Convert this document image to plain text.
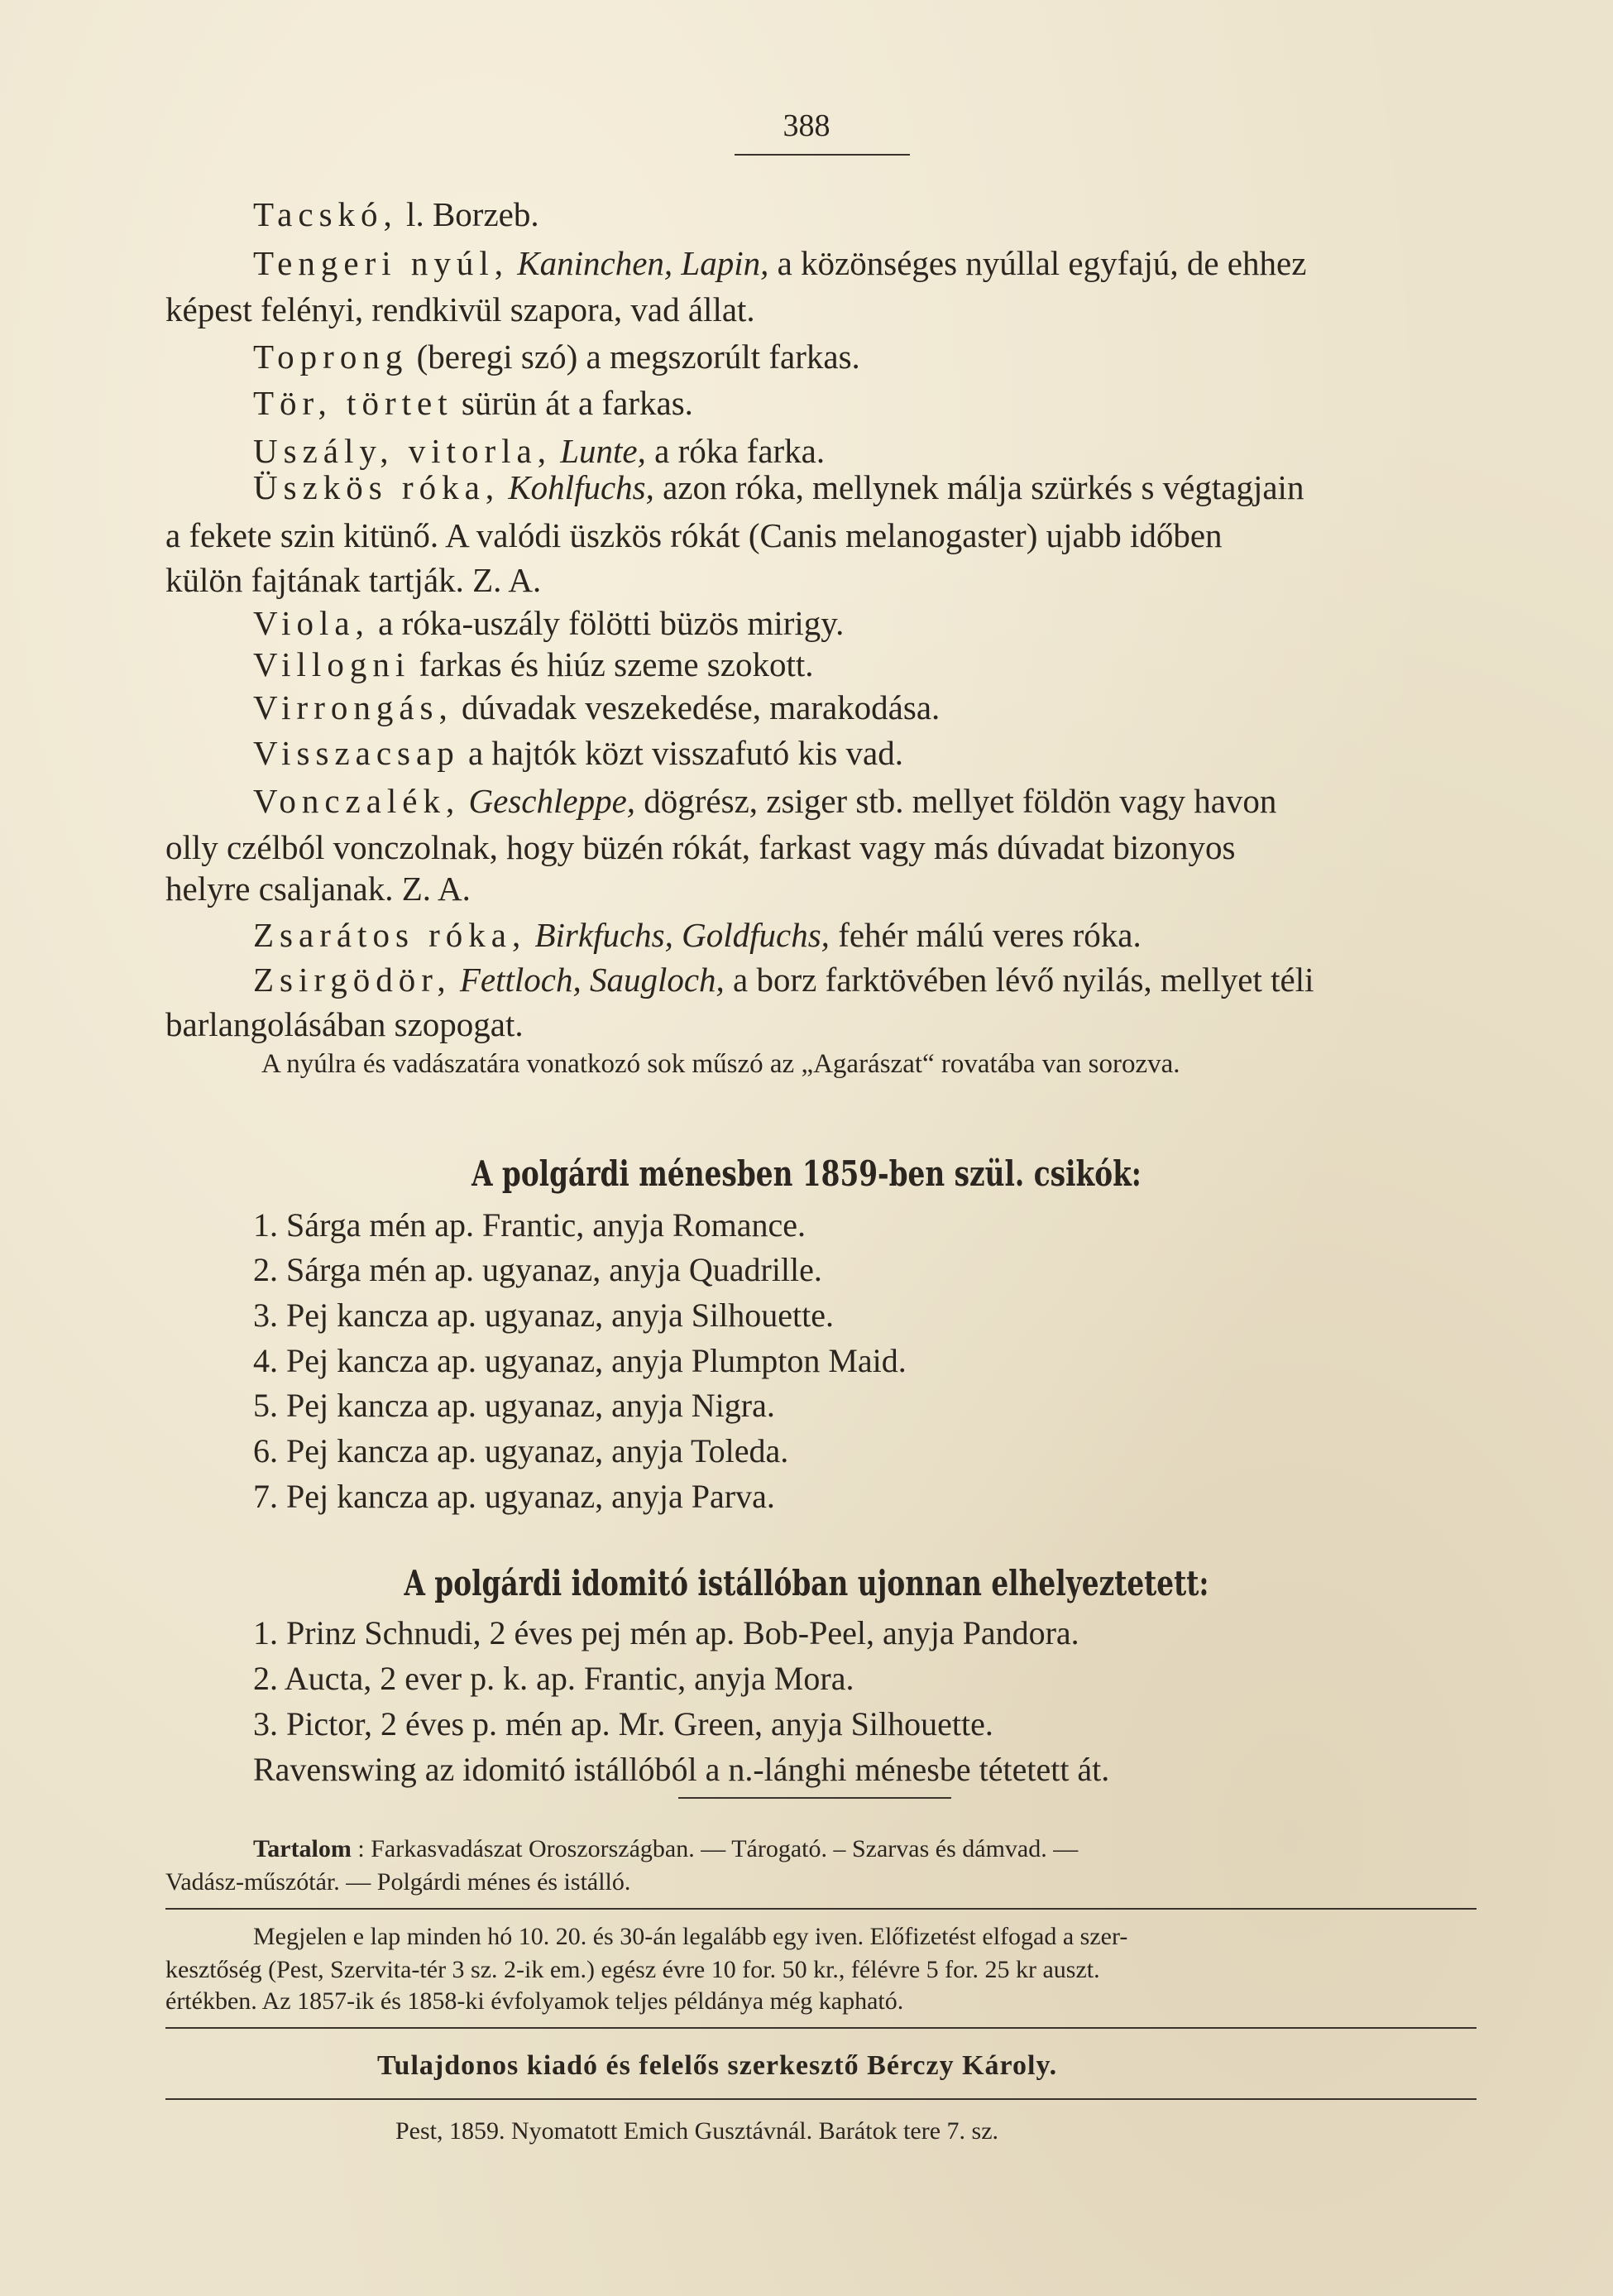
388
Tacskó, l. Borzeb.
Tengeri nyúl, Kaninchen, Lapin, a közönséges nyúllal egyfajú, de ehhez
képest felényi, rendkivül szapora, vad állat.
Toprong (beregi szó) a megszorúlt farkas.
Tör, törtet sürün át a farkas.
Uszály, vitorla, Lunte, a róka farka.
Üszkös róka, Kohlfuchs, azon róka, mellynek málja szürkés s végtagjain
a fekete szin kitünő. A valódi üszkös rókát (Canis melanogaster) ujabb időben
külön fajtának tartják. Z. A.
Viola, a róka-uszály fölötti büzös mirigy.
Villogni farkas és hiúz szeme szokott.
Virrongás, dúvadak veszekedése, marakodása.
Visszacsap a hajtók közt visszafutó kis vad.
Vonczalék, Geschleppe, dögrész, zsiger stb. mellyet földön vagy havon
olly czélból vonczolnak, hogy büzén rókát, farkast vagy más dúvadat bizonyos
helyre csaljanak. Z. A.
Zsarátos róka, Birkfuchs, Goldfuchs, fehér málú veres róka.
Zsirgödör, Fettloch, Saugloch, a borz farktövében lévő nyilás, mellyet téli
barlangolásában szopogat.
A nyúlra és vadászatára vonatkozó sok műszó az „Agarászat“ rovatába van sorozva.
A polgárdi ménesben 1859-ben szül. csikók:
1. Sárga mén ap. Frantic, anyja Romance.
2. Sárga mén ap. ugyanaz, anyja Quadrille.
3. Pej kancza ap. ugyanaz, anyja Silhouette.
4. Pej kancza ap. ugyanaz, anyja Plumpton Maid.
5. Pej kancza ap. ugyanaz, anyja Nigra.
6. Pej kancza ap. ugyanaz, anyja Toleda.
7. Pej kancza ap. ugyanaz, anyja Parva.
A polgárdi idomitó istállóban ujonnan elhelyeztetett:
1. Prinz Schnudi, 2 éves pej mén ap. Bob-Peel, anyja Pandora.
2. Aucta, 2 ever p. k. ap. Frantic, anyja Mora.
3. Pictor, 2 éves p. mén ap. Mr. Green, anyja Silhouette.
Ravenswing az idomitó istállóból a n.-lánghi ménesbe tétetett át.
Tartalom : Farkasvadászat Oroszországban. — Tárogató. – Szarvas és dámvad. —
Vadász-műszótár. — Polgárdi ménes és istálló.
Megjelen e lap minden hó 10. 20. és 30-án legalább egy iven. Előfizetést elfogad a szer-
kesztőség (Pest, Szervita-tér 3 sz. 2-ik em.) egész évre 10 for. 50 kr., félévre 5 for. 25 kr auszt.
értékben. Az 1857-ik és 1858-ki évfolyamok teljes példánya még kapható.
Tulajdonos kiadó és felelős szerkesztő Bérczy Károly.
Pest, 1859. Nyomatott Emich Gusztávnál. Barátok tere 7. sz.
